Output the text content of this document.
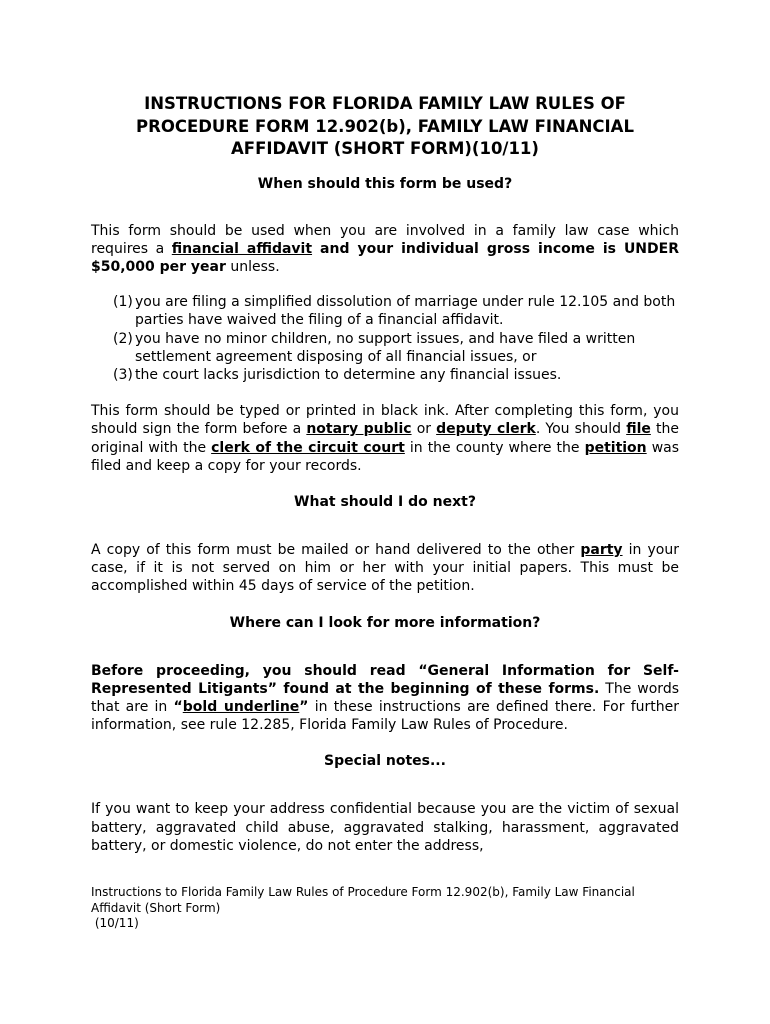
INSTRUCTIONS FOR FLORIDA FAMILY LAW RULES OF PROCEDURE FORM 12.902(b), FAMILY LAW FINANCIAL AFFIDAVIT (SHORT FORM)(10/11)
When should this form be used?

This form should be used when you are involved in a family law case which requires a financial affidavit and your individual gross income is UNDER $50,000 per year unless.

(1) you are filing a simplified dissolution of marriage under rule 12.105 and both parties have waived the filing of a financial affidavit.
(2) you have no minor children, no support issues, and have filed a written settlement agreement disposing of all financial issues, or
(3) the court lacks jurisdiction to determine any financial issues.

This form should be typed or printed in black ink. After completing this form, you should sign the form before a notary public or deputy clerk. You should file the original with the clerk of the circuit court in the county where the petition was filed and keep a copy for your records.

What should I do next?

A copy of this form must be mailed or hand delivered to the other party in your case, if it is not served on him or her with your initial papers. This must be accomplished within 45 days of service of the petition.

Where can I look for more information?

Before proceeding, you should read “General Information for Self-Represented Litigants” found at the beginning of these forms. The words that are in “bold underline” in these instructions are defined there. For further information, see rule 12.285, Florida Family Law Rules of Procedure.

Special notes...

If you want to keep your address confidential because you are the victim of sexual battery, aggravated child abuse, aggravated stalking, harassment, aggravated battery, or domestic violence, do not enter the address,

Instructions to Florida Family Law Rules of Procedure Form 12.902(b), Family Law Financial
Affidavit (Short Form)
(10/11)
